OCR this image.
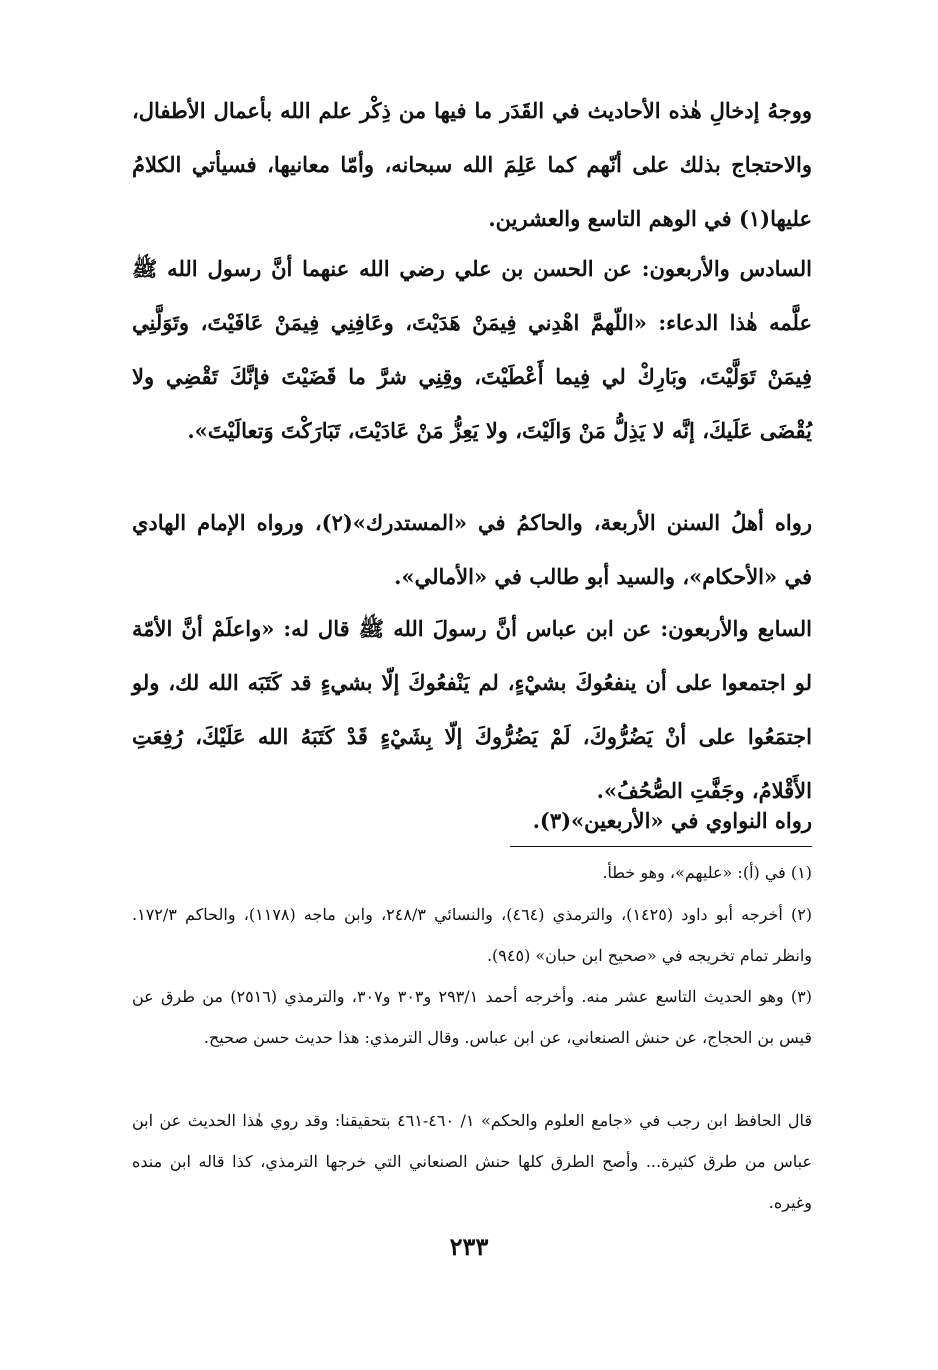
ووجهُ إدخالِ هٰذه الأحاديث في القَدَر ما فيها من ذِكْر علم الله بأعمال الأطفال، والاحتجاج بذلك على أنّهم كما عَلِمَ الله سبحانه، وأمّا معانيها، فسيأتي الكلامُ عليها(١) في الوهم التاسع والعشرين.

السادس والأربعون: عن الحسن بن علي رضي الله عنهما أنَّ رسول الله ﷺ علَّمه هٰذا الدعاء: «اللّهمَّ اهْدِني فِيمَنْ هَدَيْتَ، وعَافِنِي فِيمَنْ عَافَيْتَ، وتَوَلَّنِي فِيمَنْ تَوَلَّيْتَ، وبَارِكْ لي فِيما أَعْطَيْتَ، وقِنِي شرَّ ما قَضَيْتَ فإنَّكَ تَقْضِي ولا يُقْضَى عَلَيكَ، إنَّه لا يَذِلُّ مَنْ وَالَيْتَ، ولا يَعِزُّ مَنْ عَادَيْتَ، تَبَارَكْتَ وَتعالَيْتَ».

رواه أهلُ السنن الأربعة، والحاكمُ في «المستدرك»(٢)، ورواه الإمام الهادي في «الأحكام»، والسيد أبو طالب في «الأمالي».

السابع والأربعون: عن ابن عباس أنَّ رسولَ الله ﷺ قال له: «واعلَمْ أنَّ الأمّة لو اجتمعوا على أن ينفعُوكَ بشيْءٍ، لم يَنْفعُوكَ إلّا بشيءٍ قد كَتَبَه الله لك، ولو اجتمَعُوا على أنْ يَضُرُّوكَ، لَمْ يَضُرُّوكَ إلّا بِشَيْءٍ قَدْ كَتَبَهُ الله عَلَيْكَ، رُفِعَتِ الأَقْلامُ، وجَفَّتِ الصُّحُفُ».

رواه النواوي في «الأربعين»(٣).

(١) في (أ): «عليهم»، وهو خطأ.

(٢) أخرجه أبو داود (١٤٢٥)، والترمذي (٤٦٤)، والنسائي ٢٤٨/٣، وابن ماجه (١١٧٨)، والحاكم ١٧٢/٣. وانظر تمام تخريجه في «صحيح ابن حبان» (٩٤٥).

(٣) وهو الحديث التاسع عشر منه. وأخرجه أحمد ٢٩٣/١ و٣٠٣ و٣٠٧، والترمذي (٢٥١٦) من طرق عن قيس بن الحجاج، عن حنش الصنعاني، عن ابن عباس. وقال الترمذي: هذا حديث حسن صحيح.

قال الحافظ ابن رجب في «جامع العلوم والحكم» ١/ ٤٦٠-٤٦١ بتحقيقنا: وقد روي هٰذا الحديث عن ابن عباس من طرق كثيرة... وأصح الطرق كلها حنش الصنعاني التي خرجها الترمذي، كذا قاله ابن منده وغيره.

٢٣٣
